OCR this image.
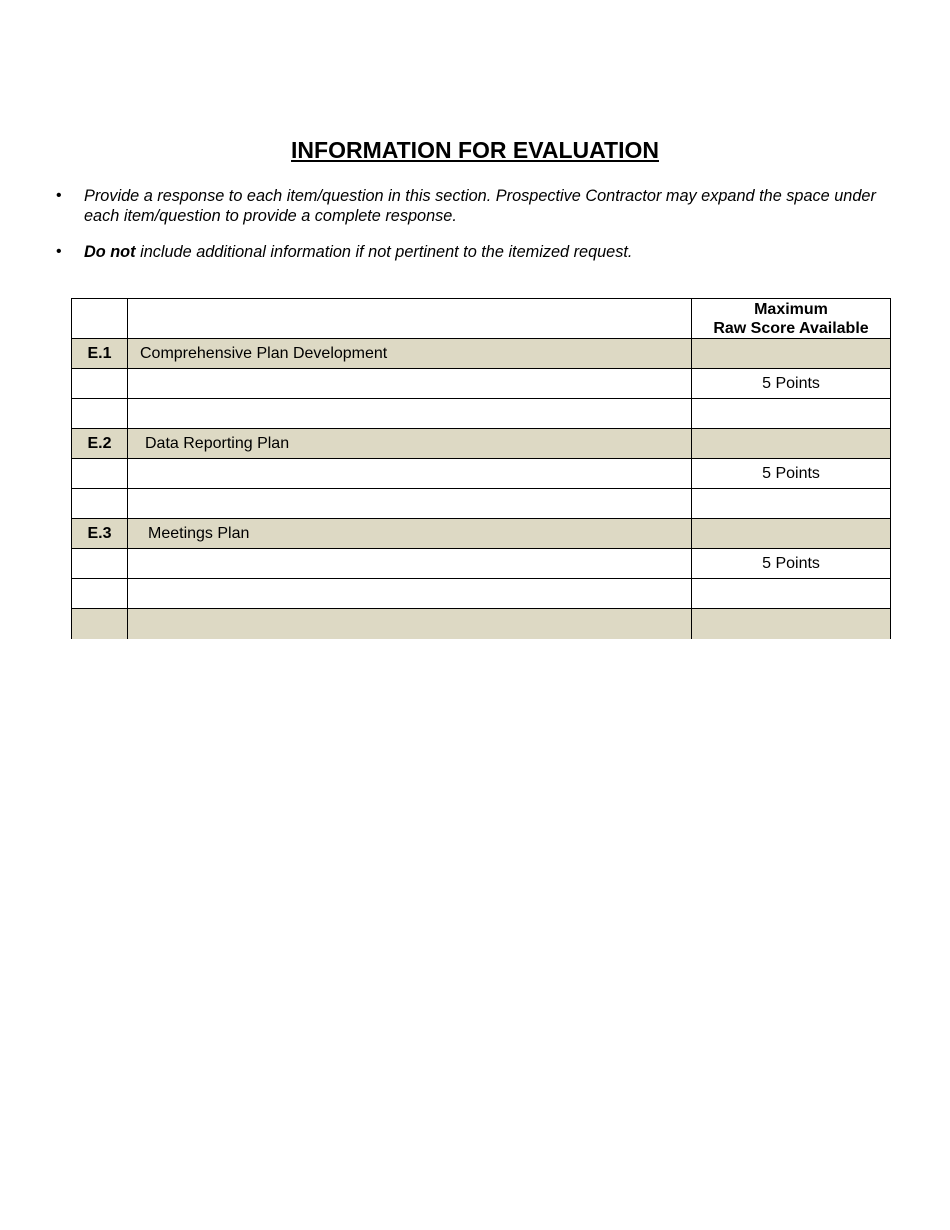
INFORMATION FOR EVALUATION
• Provide a response to each item/question in this section. Prospective Contractor may expand the space under each item/question to provide a complete response.
• Do not include additional information if not pertinent to the itemized request.

		Maximum
Raw Score Available

E.1	Comprehensive Plan Development	
		5 Points

E.2	Data Reporting Plan	
		5 Points

E.3	Meetings Plan	
		5 Points
